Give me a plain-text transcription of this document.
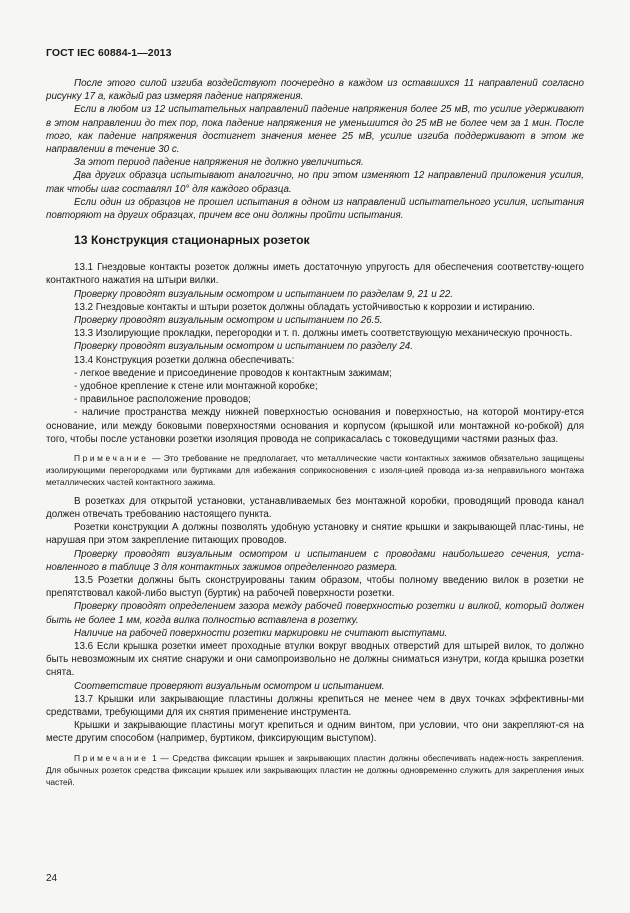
ГОСТ IEC 60884-1—2013

После этого силой изгиба воздействуют поочередно в каждом из оставшихся 11 направлений согласно рисунку 17 а, каждый раз измеряя падение напряжения.

Если в любом из 12 испытательных направлений падение напряжения более 25 мВ, то усилие удерживают в этом направлении до тех пор, пока падение напряжения не уменьшится до 25 мВ не более чем за 1 мин. После того, как падение напряжения достигнет значения менее 25 мВ, усилие изгиба поддерживают в этом же направлении в течение 30 с.

За этот период падение напряжения не должно увеличиться.

Два других образца испытывают аналогично, но при этом изменяют 12 направлений приложения усилия, так чтобы шаг составлял 10° для каждого образца.

Если один из образцов не прошел испытания в одном из направлений испытательного усилия, испытания повторяют на других образцах, причем все они должны пройти испытания.

13 Конструкция стационарных розеток

13.1 Гнездовые контакты розеток должны иметь достаточную упругость для обеспечения соответству-ющего контактного нажатия на штыри вилки.

Проверку проводят визуальным осмотром и испытанием по разделам 9, 21 и 22.

13.2 Гнездовые контакты и штыри розеток должны обладать устойчивостью к коррозии и истиранию.

Проверку проводят визуальным осмотром и испытанием по 26.5.

13.3 Изолирующие прокладки, перегородки и т. п. должны иметь соответствующую механическую прочность.

Проверку проводят визуальным осмотром и испытанием по разделу 24.

13.4 Конструкция розетки должна обеспечивать:

- легкое введение и присоединение проводов к контактным зажимам;

- удобное крепление к стене или монтажной коробке;

- правильное расположение проводов;

- наличие пространства между нижней поверхностью основания и поверхностью, на которой монтиру-ется основание, или между боковыми поверхностями основания и корпусом (крышкой или монтажной ко-робкой) для того, чтобы после установки розетки изоляция провода не соприкасалась с токоведущими частями разных фаз.

Примечание — Это требование не предполагает, что металлические части контактных зажимов обязательно защищены изолирующими перегородками или буртиками для избежания соприкосновения с изоля-цией провода из-за неправильного монтажа металлических частей контактного зажима.

В розетках для открытой установки, устанавливаемых без монтажной коробки, проводящий провода канал должен отвечать требованию настоящего пункта.

Розетки конструкции А должны позволять удобную установку и снятие крышки и закрывающей плас-тины, не нарушая при этом закрепление питающих проводов.

Проверку проводят визуальным осмотром и испытанием с проводами наибольшего сечения, уста-новленного в таблице 3 для контактных зажимов определенного размера.

13.5 Розетки должны быть сконструированы таким образом, чтобы полному введению вилок в розетки не препятствовал какой-либо выступ (буртик) на рабочей поверхности розетки.

Проверку проводят определением зазора между рабочей поверхностью розетки и вилкой, который должен быть не более 1 мм, когда вилка полностью вставлена в розетку.

Наличие на рабочей поверхности розетки маркировки не считают выступами.

13.6 Если крышка розетки имеет проходные втулки вокруг вводных отверстий для штырей вилок, то должно быть невозможным их снятие снаружи и они самопроизвольно не должны сниматься изнутри, когда крышка розетки снята.

Соответствие проверяют визуальным осмотром и испытанием.

13.7 Крышки или закрывающие пластины должны крепиться не менее чем в двух точках эффективны-ми средствами, требующими для их снятия применение инструмента.

Крышки и закрывающие пластины могут крепиться и одним винтом, при условии, что они закрепляют-ся на месте другим способом (например, буртиком, фиксирующим выступом).

Примечание 1 — Средства фиксации крышек и закрывающих пластин должны обеспечивать надеж-ность закрепления. Для обычных розеток средства фиксации крышек или закрывающих пластин не должны одновременно служить для закрепления иных частей.
24
